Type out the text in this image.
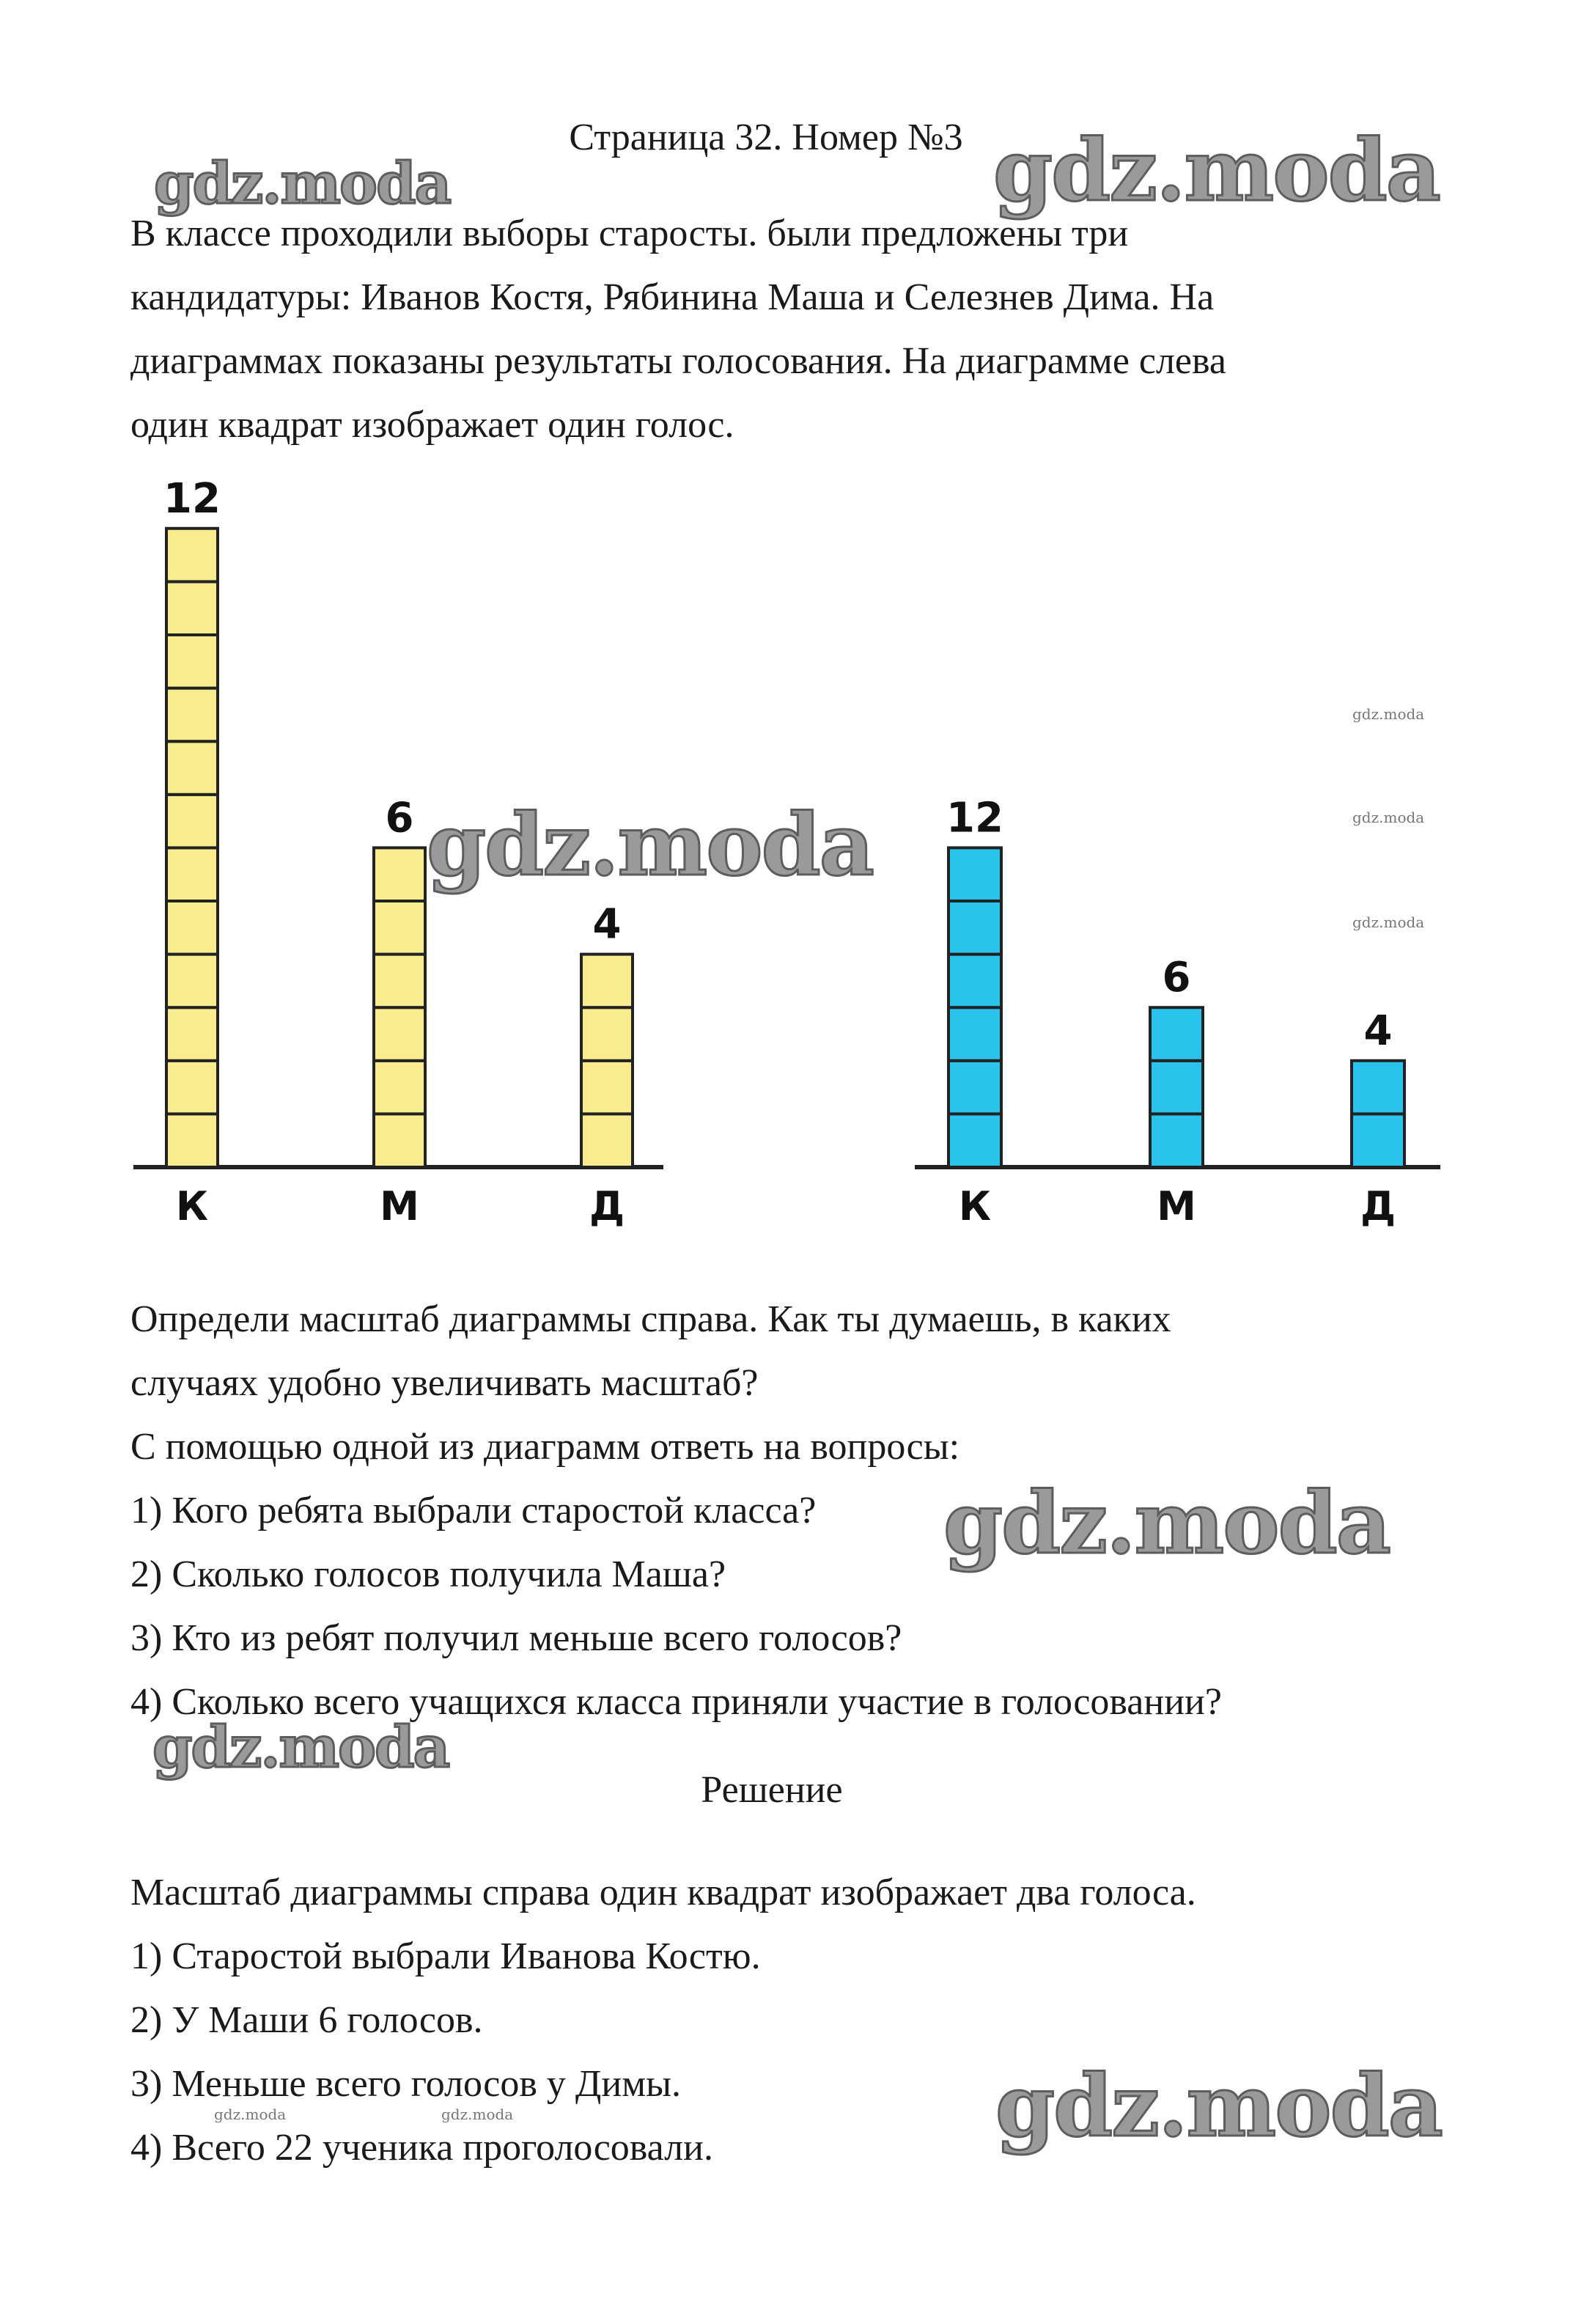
Страница 32. Номер №3
В классе проходили выборы старосты. были предложены три
кандидатуры: Иванов Костя, Рябинина Маша и Селезнев Дима. На
диаграммах показаны результаты голосования. На диаграмме слева
один квадрат изображает один голос.
12
К
6
М
4
Д
12
К
6
М
4
Д
Определи масштаб диаграммы справа. Как ты думаешь, в каких
случаях удобно увеличивать масштаб?
С помощью одной из диаграмм ответь на вопросы:
1) Кого ребята выбрали старостой класса?
2) Сколько голосов получила Маша?
3) Кто из ребят получил меньше всего голосов?
4) Сколько всего учащихся класса приняли участие в голосовании?
Решение
Масштаб диаграммы справа один квадрат изображает два голоса.
1) Старостой выбрали Иванова Костю.
2) У Маши 6 голосов.
3) Меньше всего голосов у Димы.
4) Всего 22 ученика проголосовали.
gdz.moda	gdz.moda
gdz.moda
gdz.moda
gdz.moda
gdz.moda
gdz.moda
gdz.moda
gdz.moda
gdz.moda	gdz.moda
